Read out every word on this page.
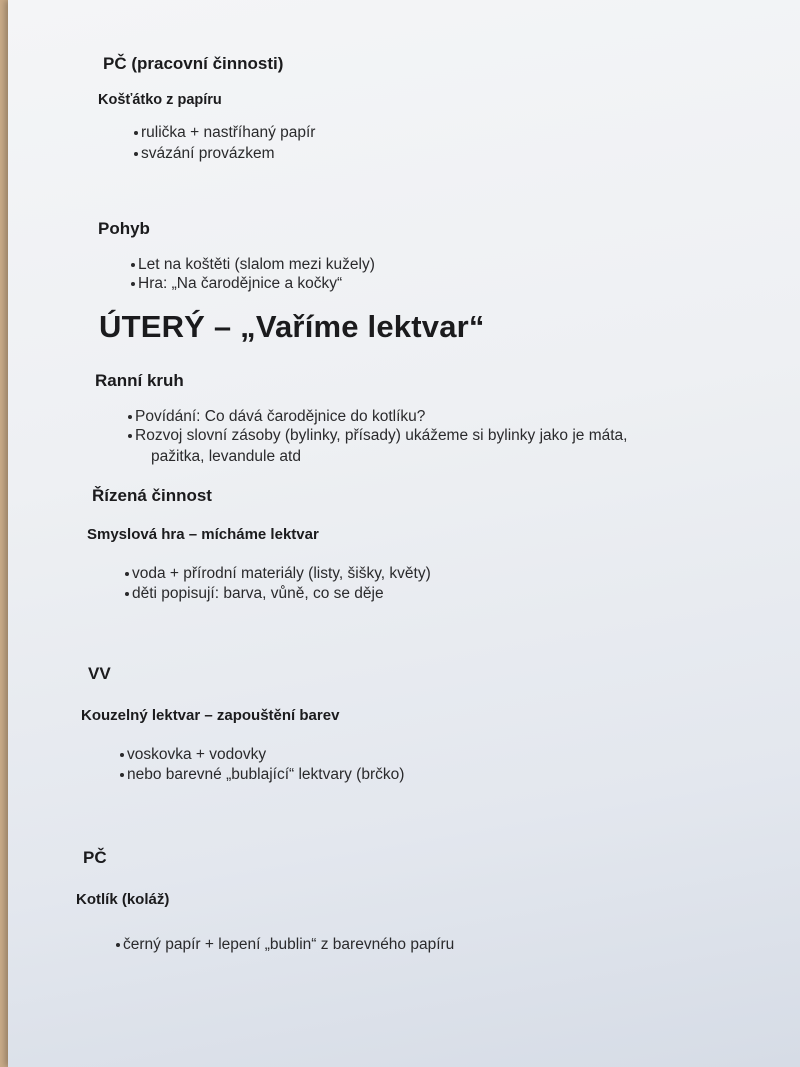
PČ (pracovní činnosti)
Košťátko z papíru
rulička + nastříhaný papír
svázání provázkem
Pohyb
Let na koštěti (slalom mezi kužely)
Hra: „Na čarodějnice a kočky“
ÚTERÝ – „Vaříme lektvar“
Ranní kruh
Povídání: Co dává čarodějnice do kotlíku?
Rozvoj slovní zásoby (bylinky, přísady) ukážeme si bylinky jako je máta,
pažitka, levandule atd
Řízená činnost
Smyslová hra – mícháme lektvar
voda + přírodní materiály (listy, šišky, květy)
děti popisují: barva, vůně, co se děje
VV
Kouzelný lektvar – zapouštění barev
voskovka + vodovky
nebo barevné „bublající“ lektvary (brčko)
PČ
Kotlík (koláž)
černý papír + lepení „bublin“ z barevného papíru
